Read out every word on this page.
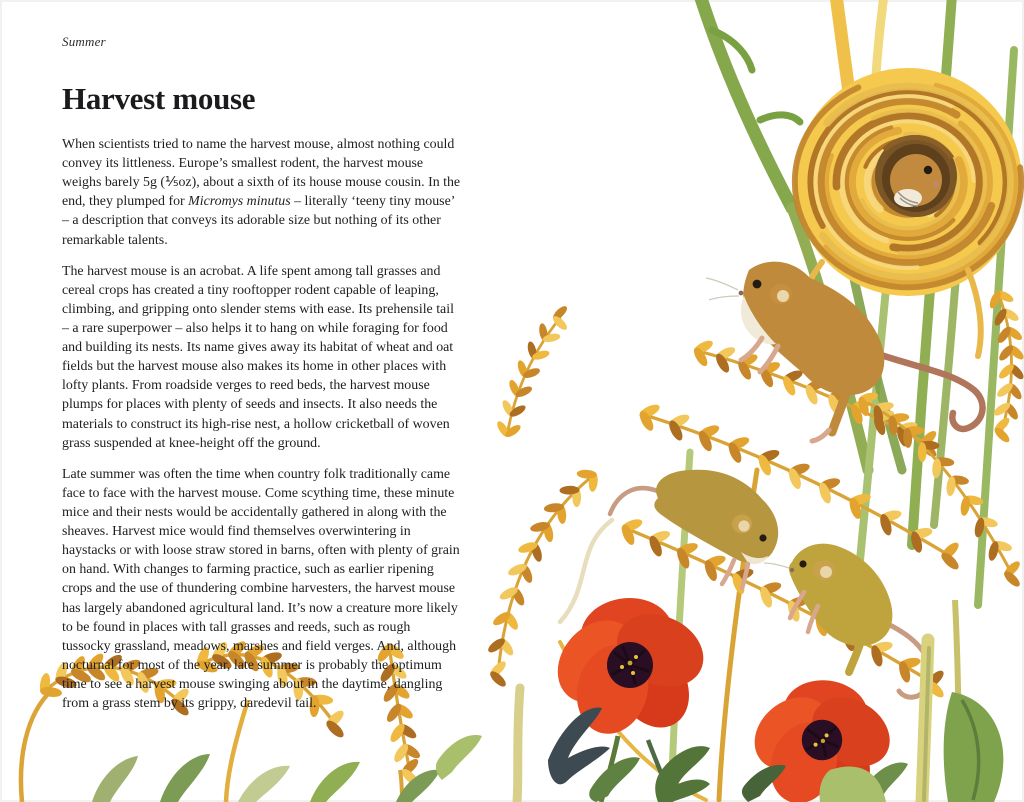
Summer
Harvest mouse

When scientists tried to name the harvest mouse, almost nothing could convey its littleness. Europe’s smallest rodent, the harvest mouse weighs barely 5g (⅕oz), about a sixth of its house mouse cousin. In the end, they plumped for Micromys minutus – literally ‘teeny tiny mouse’ – a description that conveys its adorable size but nothing of its other remarkable talents.

The harvest mouse is an acrobat. A life spent among tall grasses and cereal crops has created a tiny rooftopper rodent capable of leaping, climbing, and gripping onto slender stems with ease. Its prehensile tail – a rare superpower – also helps it to hang on while foraging for food and building its nests. Its name gives away its habitat of wheat and oat fields but the harvest mouse also makes its home in other places with lofty plants. From roadside verges to reed beds, the harvest mouse plumps for places with plenty of seeds and insects. It also needs the materials to construct its high-rise nest, a hollow cricketball of woven grass suspended at knee-height off the ground.

Late summer was often the time when country folk traditionally came face to face with the harvest mouse. Come scything time, these minute mice and their nests would be accidentally gathered in along with the sheaves. Harvest mice would find themselves overwintering in haystacks or with loose straw stored in barns, often with plenty of grain on hand. With changes to farming practice, such as earlier ripening crops and the use of thundering combine harvesters, the harvest mouse has largely abandoned agricultural land. It’s now a creature more likely to be found in places with tall grasses and reeds, such as rough tussocky grassland, meadows, marshes and field verges. And, although nocturnal for most of the year, late summer is probably the optimum time to see a harvest mouse swinging about in the daytime, dangling from a grass stem by its grippy, daredevil tail.
